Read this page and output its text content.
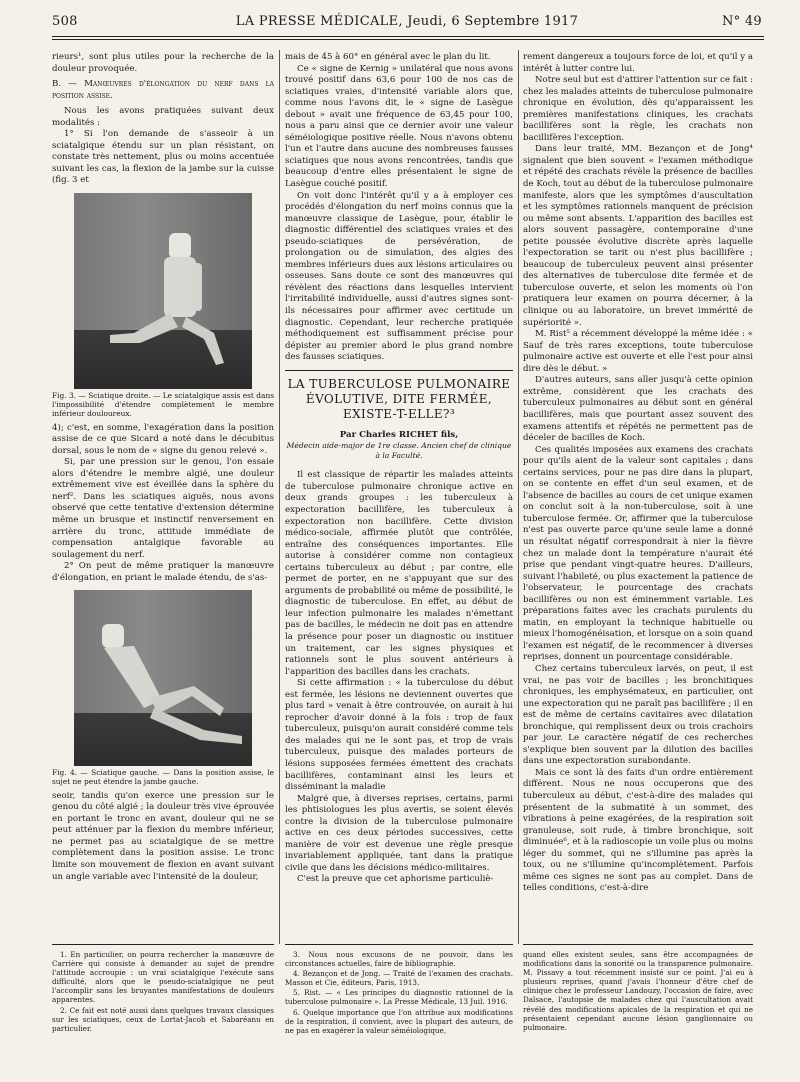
508	LA PRESSE MÉDICALE, Jeudi, 6 Septembre 1917	N° 49

rieurs¹, sont plus utiles pour la recherche de la douleur provoquée.

B. — Manœuvres d'élongation du nerf dans la position assise.

Nous les avons pratiquées suivant deux modalités :

1° Si l'on demande de s'asseoir à un sciatalgique étendu sur un plan résistant, on constate très nettement, plus ou moins accentuée suivant les cas, la flexion de la jambe sur la cuisse (fig. 3 et

Fig. 3. — Sciatique droite. — Le sciatalgique assis est dans l'impossibilité d'étendre complètement le membre inférieur douloureux.

4); c'est, en somme, l'exagération dans la position assise de ce que Sicard a noté dans le décubitus dorsal, sous le nom de « signe du genou relevé ».

Si, par une pression sur le genou, l'on essaie alors d'étendre le membre algié, une douleur extrêmement vive est éveillée dans la sphère du nerf². Dans les sciatiques aiguës, nous avons observé que cette tentative d'extension détermine même un brusque et instinctif renversement en arrière du tronc, attitude immédiate de compensation antalgique favorable au soulagement du nerf.

2° On peut de même pratiquer la manœuvre d'élongation, en priant le malade étendu, de s'as-

Fig. 4. — Sciatique gauche. — Dans la position assise, le sujet ne peut étendre la jambe gauche.

seoir, tandis qu'on exerce une pression sur le genou du côté algié ; la douleur très vive éprouvée en portant le tronc en avant, douleur qui ne se peut atténuer par la flexion du membre inférieur, ne permet pas au sciatalgique de se mettre complètement dans la position assise. Le tronc limite son mouvement de flexion en avant suivant un angle variable avec l'intensité de la douleur,

mais de 45 à 60° en général avec le plan du lit.

Ce « signe de Kernig » unilatéral que nous avons trouvé positif dans 63,6 pour 100 de nos cas de sciatiques vraies, d'intensité variable alors que, comme nous l'avons dit, le « signe de Lasègue debout » avait une fréquence de 63,45 pour 100, nous a paru ainsi que ce dernier avoir une valeur séméiologique positive réelle. Nous n'avons obtenu l'un et l'autre dans aucune des nombreuses fausses sciatiques que nous avons rencontrées, tandis que beaucoup d'entre elles présentaient le signe de Lasègue couché positif.

On voit donc l'intérêt qu'il y a à employer ces procédés d'élongation du nerf moins connus que la manœuvre classique de Lasègue, pour, établir le diagnostic différentiel des sciatiques vraies et des pseudo-sciatiques de persévération, de prolongation ou de simulation, des algies des membres inférieurs dues aux lésions articulaires ou osseuses. Sans doute ce sont des manœuvres qui révèlent des réactions dans lesquelles intervient l'irritabilité individuelle, aussi d'autres signes sont-ils nécessaires pour affirmer avec certitude un diagnostic. Cependant, leur recherche pratiquée méthodiquement est suffisamment précise pour dépister au premier abord le plus grand nombre des fausses sciatiques.

LA TUBERCULOSE PULMONAIRE ÉVOLUTIVE, DITE FERMÉE, EXISTE-T-ELLE?³
Par Charles RICHET fils,
Médecin aide-major de 1re classe. Ancien chef de clinique à la Faculté.

Il est classique de répartir les malades atteints de tuberculose pulmonaire chronique active en deux grands groupes : les tuberculeux à expectoration bacillifère, les tuberculeux à expectoration non bacillifère. Cette division médico-sociale, affirmée plutôt que contrôlée, entraîne des conséquences importantes. Elle autorise à considérer comme non contagieux certains tuberculeux au début ; par contre, elle permet de porter, en ne s'appuyant que sur des arguments de probabilité ou même de possibilité, le diagnostic de tuberculose. En effet, au début de leur infection pulmonaire les malades n'émettant pas de bacilles, le médecin ne doit pas en attendre la présence pour poser un diagnostic ou instituer un traitement, car les signes physiques et rationnels sont le plus souvent antérieurs à l'apparition des bacilles dans les crachats.

Si cette affirmation : « la tuberculose du début est fermée, les lésions ne deviennent ouvertes que plus tard » venait à être controuvée, on aurait à lui reprocher d'avoir donné à la fois : trop de faux tuberculeux, puisqu'on aurait considéré comme tels des malades qui ne le sont pas, et trop de vrais tuberculeux, puisque des malades porteurs de lésions supposées fermées émettent des crachats bacillifères, contaminant ainsi les leurs et disséminant la maladie

Malgré que, à diverses reprises, certains, parmi les phtisiologues les plus avertis, se soient élevés contre la division de la tuberculose pulmonaire active en ces deux périodes successives, cette manière de voir est devenue une règle presque invariablement appliquée, tant dans la pratique civile que dans les décisions médico-militaires.

C'est la preuve que cet aphorisme particuliè-

rement dangereux a toujours force de loi, et qu'il y a intérêt à lutter contre lui.

Notre seul but est d'attirer l'attention sur ce fait : chez les malades atteints de tuberculose pulmonaire chronique en évolution, dès qu'apparaissent les premières manifestations cliniques, les crachats bacillifères sont la règle, les crachats non bacillifères l'exception.

Dans leur traité, MM. Bezançon et de Jong⁴ signalent que bien souvent « l'examen méthodique et répété des crachats révèle la présence de bacilles de Koch, tout au début de la tuberculose pulmonaire manifeste, alors que les symptômes d'auscultation et les symptômes rationnels manquent de précision ou même sont absents. L'apparition des bacilles est alors souvent passagère, contemporaine d'une petite poussée évolutive discrète après laquelle l'expectoration se tarit ou n'est plus bacillifère ; beaucoup de tuberculeux peuvent ainsi présenter des alternatives de tuberculose dite fermée et de tuberculose ouverte, et selon les moments où l'on pratiquera leur examen on pourra décerner, à la clinique ou au laboratoire, un brevet immérité de supériorité ».

M. Rist⁵ a récemment développé la même idée : « Sauf de très rares exceptions, toute tuberculose pulmonaire active est ouverte et elle l'est pour ainsi dire dès le début. »

D'autres auteurs, sans aller jusqu'à cette opinion extrême, considèrent que les crachats des tuberculeux pulmonaires au début sont en général bacillifères, mais que pourtant assez souvent des examens attentifs et répétés ne permettent pas de déceler de bacilles de Koch.

Ces qualités imposées aux examens des crachats pour qu'ils aient de la valeur sont capitales ; dans certains services, pour ne pas dire dans la plupart, on se contente en effet d'un seul examen, et de l'absence de bacilles au cours de cet unique examen on conclut soit à la non-tuberculose, soit à une tuberculose fermée. Or, affirmer que la tuberculose n'est pas ouverte parce qu'une seule lame a donné un résultat négatif correspondrait à nier la fièvre chez un malade dont la température n'aurait été prise que pendant vingt-quatre heures. D'ailleurs, suivant l'habileté, ou plus exactement la patience de l'observateur, le pourcentage des crachats bacillifères ou non est éminemment variable. Les préparations faites avec les crachats purulents du matin, en employant la technique habituelle ou mieux l'homogénéisation, et lorsque on a soin quand l'examen est négatif, de le recommencer à diverses reprises, donnent un pourcentage considérable.

Chez certains tuberculeux larvés, on peut, il est vrai, ne pas voir de bacilles ; les bronchitiques chroniques, les emphysémateux, en particulier, ont une expectoration qui ne paraît pas bacillifère ; il en est de même de certains cavitaires avec dilatation bronchique, qui remplissent deux ou trois crachoirs par jour. Le caractère négatif de ces recherches s'explique bien souvent par la dilution des bacilles dans une expectoration surabondante.

Mais ce sont là des faits d'un ordre entièrement différent. Nous ne nous occuperons que des tuberculeux au début, c'est-à-dire des malades qui présentent de la submatité à un sommet, des vibrations à peine exagérées, de la respiration soit granuleuse, soit rude, à timbre bronchique, soit diminuée⁶, et à la radioscopie un voile plus ou moins léger du sommet, qui ne s'illumine pas après la toux, ou ne s'illumine qu'incomplètement. Parfois même ces signes ne sont pas au complet. Dans de telles conditions, c'est-à-dire

1. En particulier, on pourra rechercher la manœuvre de Carrière qui consiste à demander au sujet de prendre l'attitude accroupie : un vrai sciatalgique l'exécute sans difficulté, alors que le pseudo-sciatalgique ne peut l'accomplir sans les bruyantes manifestations de douleurs apparentes.

2. Ce fait est noté aussi dans quelques travaux classiques sur les sciatiques, ceux de Lortat-Jacob et Sabaréanu en particulier.

3. Nous nous excusons de ne pouvoir, dans les circonstances actuelles, faire de bibliographie.

4. Bezançon et de Jong. — Traité de l'examen des crachats. Masson et Cie, éditeurs, Paris, 1913.

5. Rist. — « Les principes du diagnostic rationnel de la tuberculose pulmonaire ». La Presse Médicale, 13 Juil. 1916.

6. Quelque importance que l'on attribue aux modifications de la respiration, il convient, avec la plupart des auteurs, de ne pas en exagérer la valeur séméiologique,

quand elles existent seules, sans être accompagnées de modifications dans la sonorité ou la transparence pulmonaire. M. Pissavy a tout récemment insisté sur ce point. J'ai eu à plusieurs reprises, quand j'avais l'honneur d'être chef de clinique chez le professeur Landouzy, l'occasion de faire, avec Dalsace, l'autopsie de malades chez qui l'auscultation avait révélé des modifications apicales de la respiration et qui ne présentaient cependant aucune lésion ganglionnaire ou pulmonaire.
